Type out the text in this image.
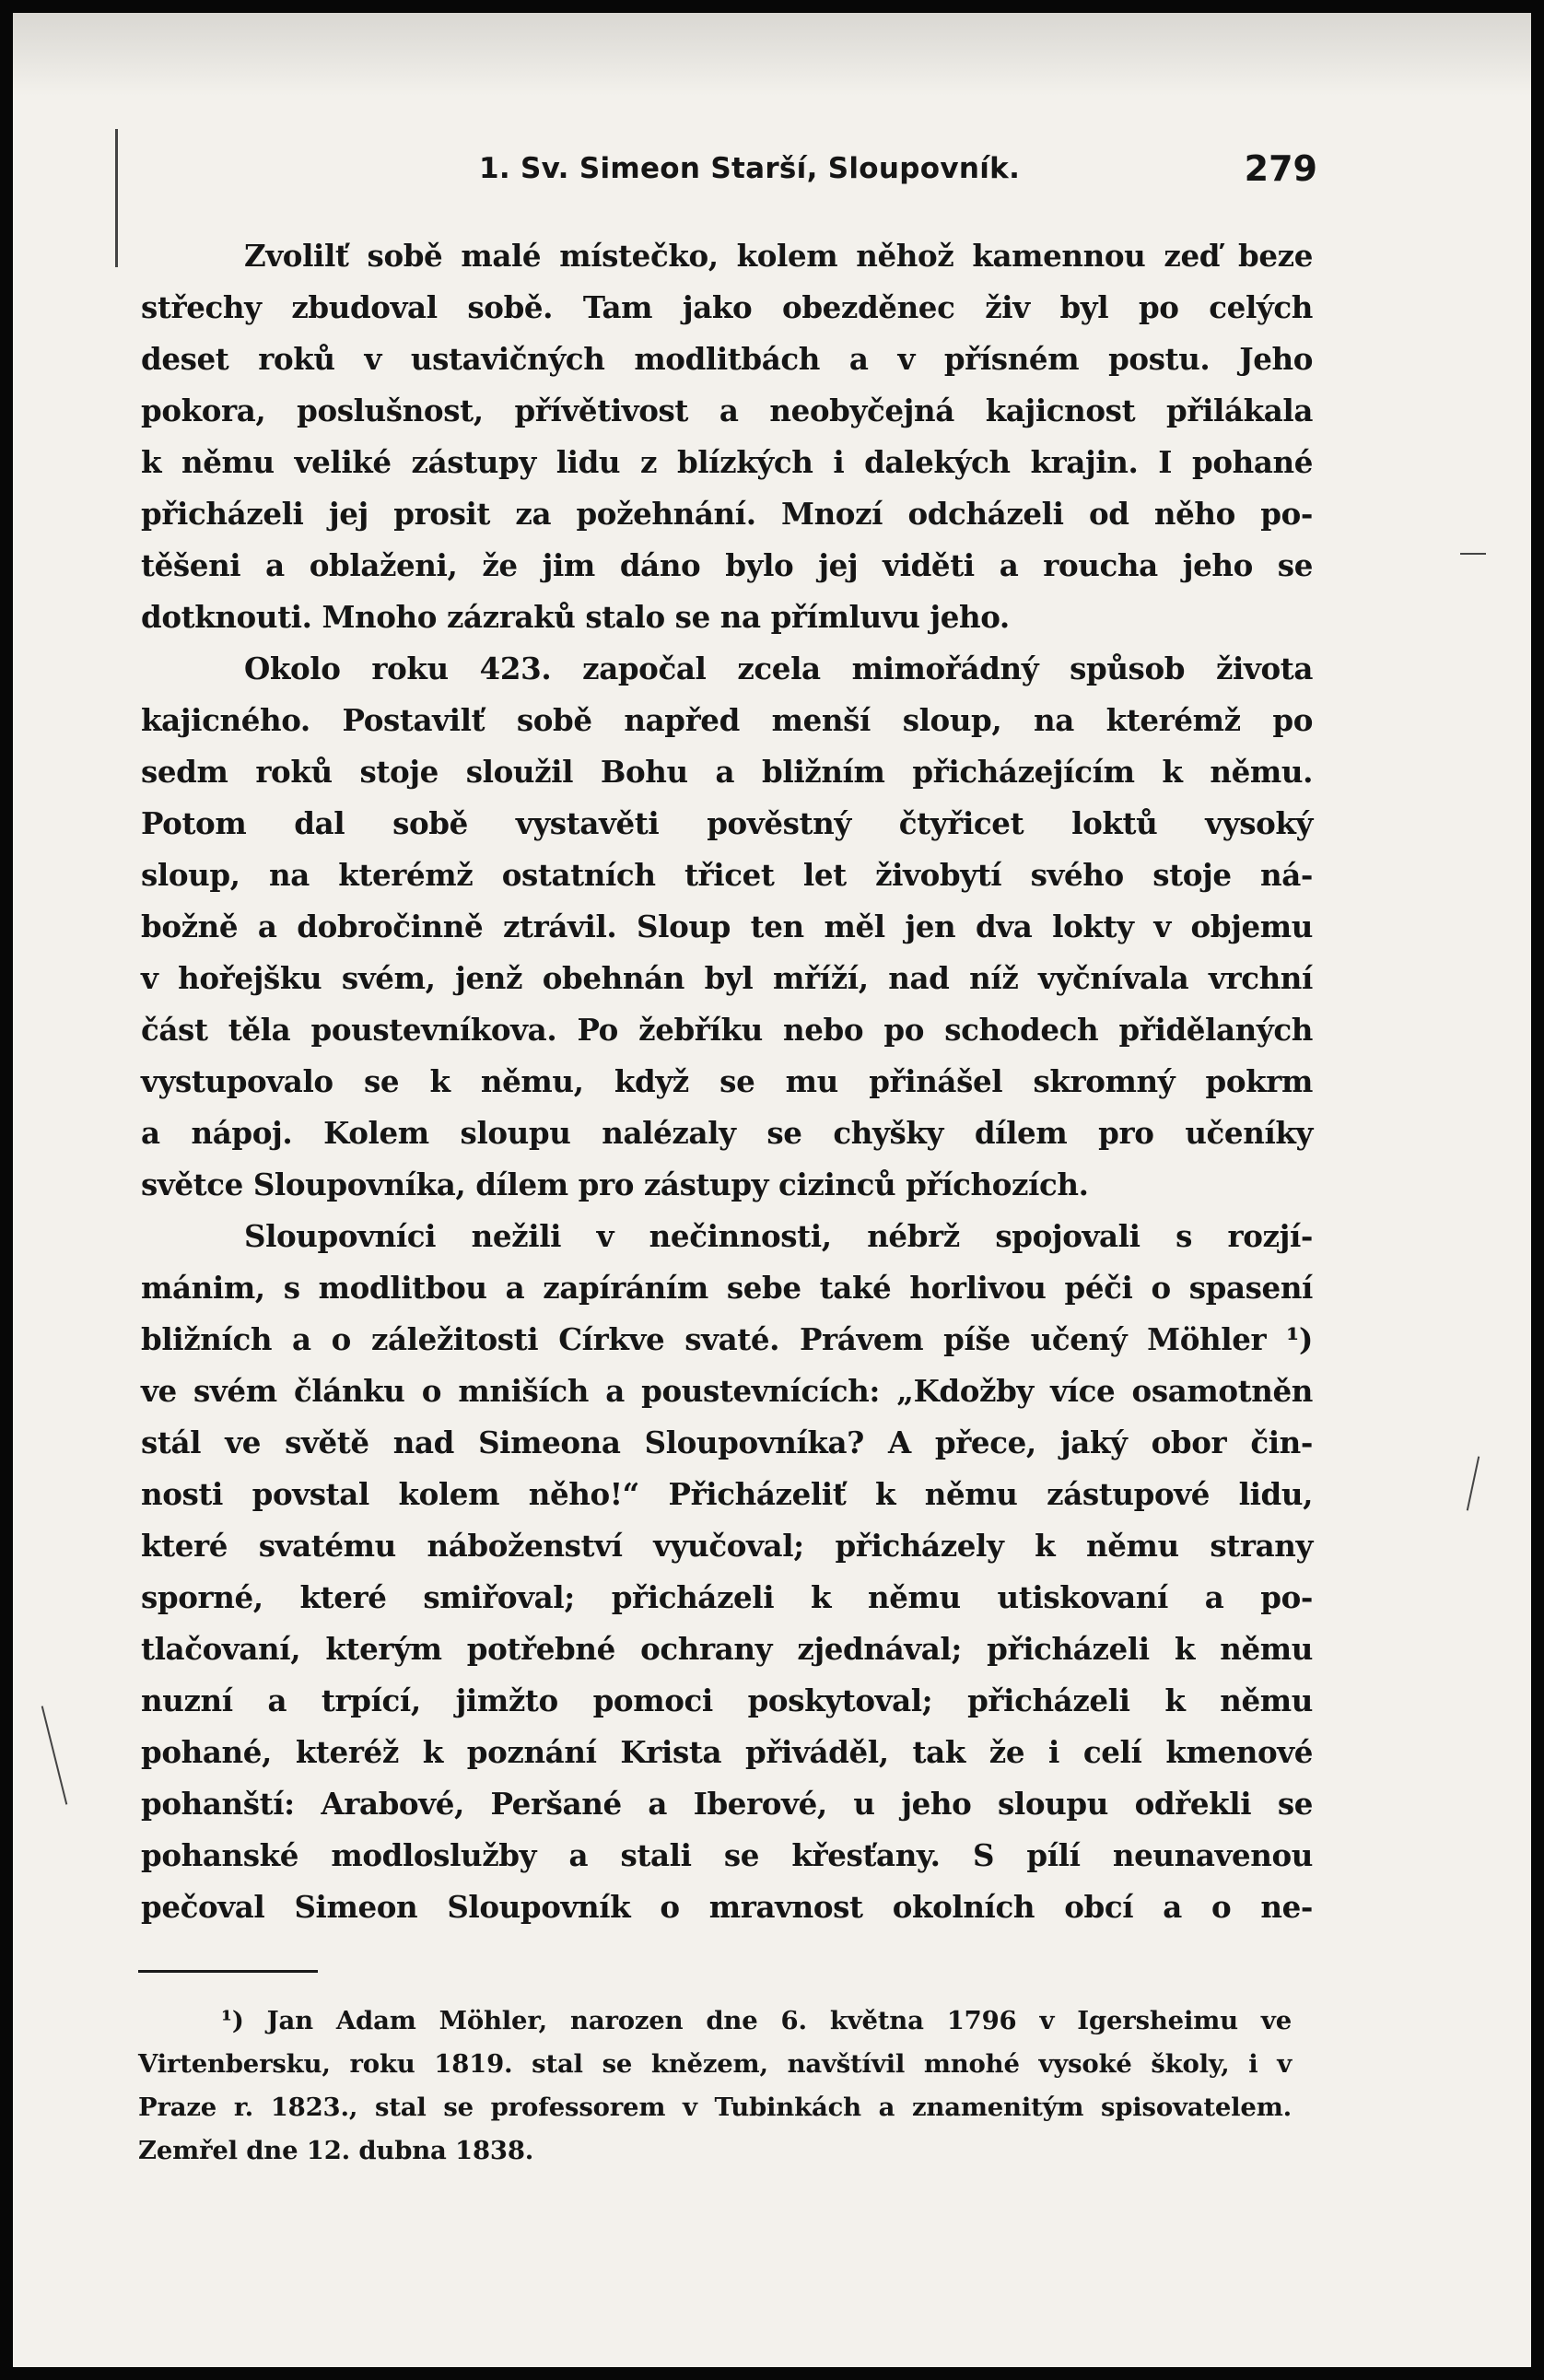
1. Sv. Simeon Starší, Sloupovník.	279
Zvolilť sobě malé místečko, kolem něhož kamennou zeď beze
střechy zbudoval sobě. Tam jako obezděnec živ byl po celých
deset roků v ustavičných modlitbách a v přísném postu. Jeho
pokora, poslušnost, přívětivost a neobyčejná kajicnost přilákala
k němu veliké zástupy lidu z blízkých i dalekých krajin. I pohané
přicházeli jej prosit za požehnání. Mnozí odcházeli od něho po-
těšeni a oblaženi, že jim dáno bylo jej viděti a roucha jeho se
dotknouti. Mnoho zázraků stalo se na přímluvu jeho.
Okolo roku 423. započal zcela mimořádný spůsob života
kajicného. Postavilť sobě napřed menší sloup, na kterémž po
sedm roků stoje sloužil Bohu a bližním přicházejícím k němu.
Potom dal sobě vystavěti pověstný čtyřicet loktů vysoký
sloup, na kterémž ostatních třicet let živobytí svého stoje ná-
božně a dobročinně ztrávil. Sloup ten měl jen dva lokty v objemu
v hořejšku svém, jenž obehnán byl mříží, nad níž vyčnívala vrchní
část těla poustevníkova. Po žebříku nebo po schodech přidělaných
vystupovalo se k němu, když se mu přinášel skromný pokrm
a nápoj. Kolem sloupu nalézaly se chyšky dílem pro učeníky
světce Sloupovníka, dílem pro zástupy cizinců příchozích.
Sloupovníci nežili v nečinnosti, nébrž spojovali s rozjí-
mánim, s modlitbou a zapíráním sebe také horlivou péči o spasení
bližních a o záležitosti Církve svaté. Právem píše učený Möhler ¹)
ve svém článku o mniších a poustevnících: „Kdožby více osamotněn
stál ve světě nad Simeona Sloupovníka? A přece, jaký obor čin-
nosti povstal kolem něho!“ Přicházeliť k němu zástupové lidu,
které svatému náboženství vyučoval; přicházely k němu strany
sporné, které smiřoval; přicházeli k němu utiskovaní a po-
tlačovaní, kterým potřebné ochrany zjednával; přicházeli k němu
nuzní a trpící, jimžto pomoci poskytoval; přicházeli k němu
pohané, kteréž k poznání Krista přiváděl, tak že i celí kmenové
pohanští: Arabové, Peršané a Iberové, u jeho sloupu odřekli se
pohanské modloslužby a stali se křesťany. S pílí neunavenou
pečoval Simeon Sloupovník o mravnost okolních obcí a o ne-
¹) Jan Adam Möhler, narozen dne 6. května 1796 v Igersheimu ve
Virtenbersku, roku 1819. stal se knězem, navštívil mnohé vysoké školy, i v
Praze r. 1823., stal se professorem v Tubinkách a znamenitým spisovatelem.
Zemřel dne 12. dubna 1838.
